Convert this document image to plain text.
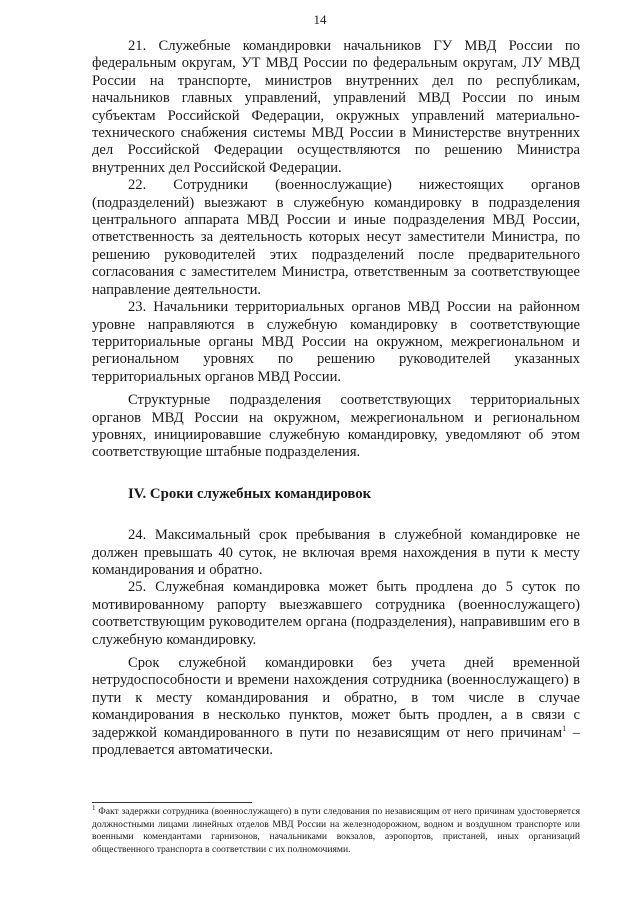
14

21. Служебные командировки начальников ГУ МВД России по федеральным округам, УТ МВД России по федеральным округам, ЛУ МВД России на транспорте, министров внутренних дел по республикам, начальников главных управлений, управлений МВД России по иным субъектам Российской Федерации, окружных управлений материально-технического снабжения системы МВД России в Министерстве внутренних дел Российской Федерации осуществляются по решению Министра внутренних дел Российской Федерации.

22. Сотрудники (военнослужащие) нижестоящих органов (подразделений) выезжают в служебную командировку в подразделения центрального аппарата МВД России и иные подразделения МВД России, ответственность за деятельность которых несут заместители Министра, по решению руководителей этих подразделений после предварительного согласования с заместителем Министра, ответственным за соответствующее направление деятельности.

23. Начальники территориальных органов МВД России на районном уровне направляются в служебную командировку в соответствующие территориальные органы МВД России на окружном, межрегиональном и региональном уровнях по решению руководителей указанных территориальных органов МВД России.

Структурные подразделения соответствующих территориальных органов МВД России на окружном, межрегиональном и региональном уровнях, инициировавшие служебную командировку, уведомляют об этом соответствующие штабные подразделения.

IV. Сроки служебных командировок

24. Максимальный срок пребывания в служебной командировке не должен превышать 40 суток, не включая время нахождения в пути к месту командирования и обратно.

25. Служебная командировка может быть продлена до 5 суток по мотивированному рапорту выезжавшего сотрудника (военнослужащего) соответствующим руководителем органа (подразделения), направившим его в служебную командировку.

Срок служебной командировки без учета дней временной нетрудоспособности и времени нахождения сотрудника (военнослужащего) в пути к месту командирования и обратно, в том числе в случае командирования в несколько пунктов, может быть продлен, а в связи с задержкой командированного в пути по независящим от него причинам$^1$ – продлевается автоматически.

$^1$ Факт задержки сотрудника (военнослужащего) в пути следования по независящим от него причинам удостоверяется должностными лицами линейных отделов МВД России на железнодорожном, водном и воздушном транспорте или военными комендантами гарнизонов, начальниками вокзалов, аэропортов, пристаней, иных организаций общественного транспорта в соответствии с их полномочиями.
